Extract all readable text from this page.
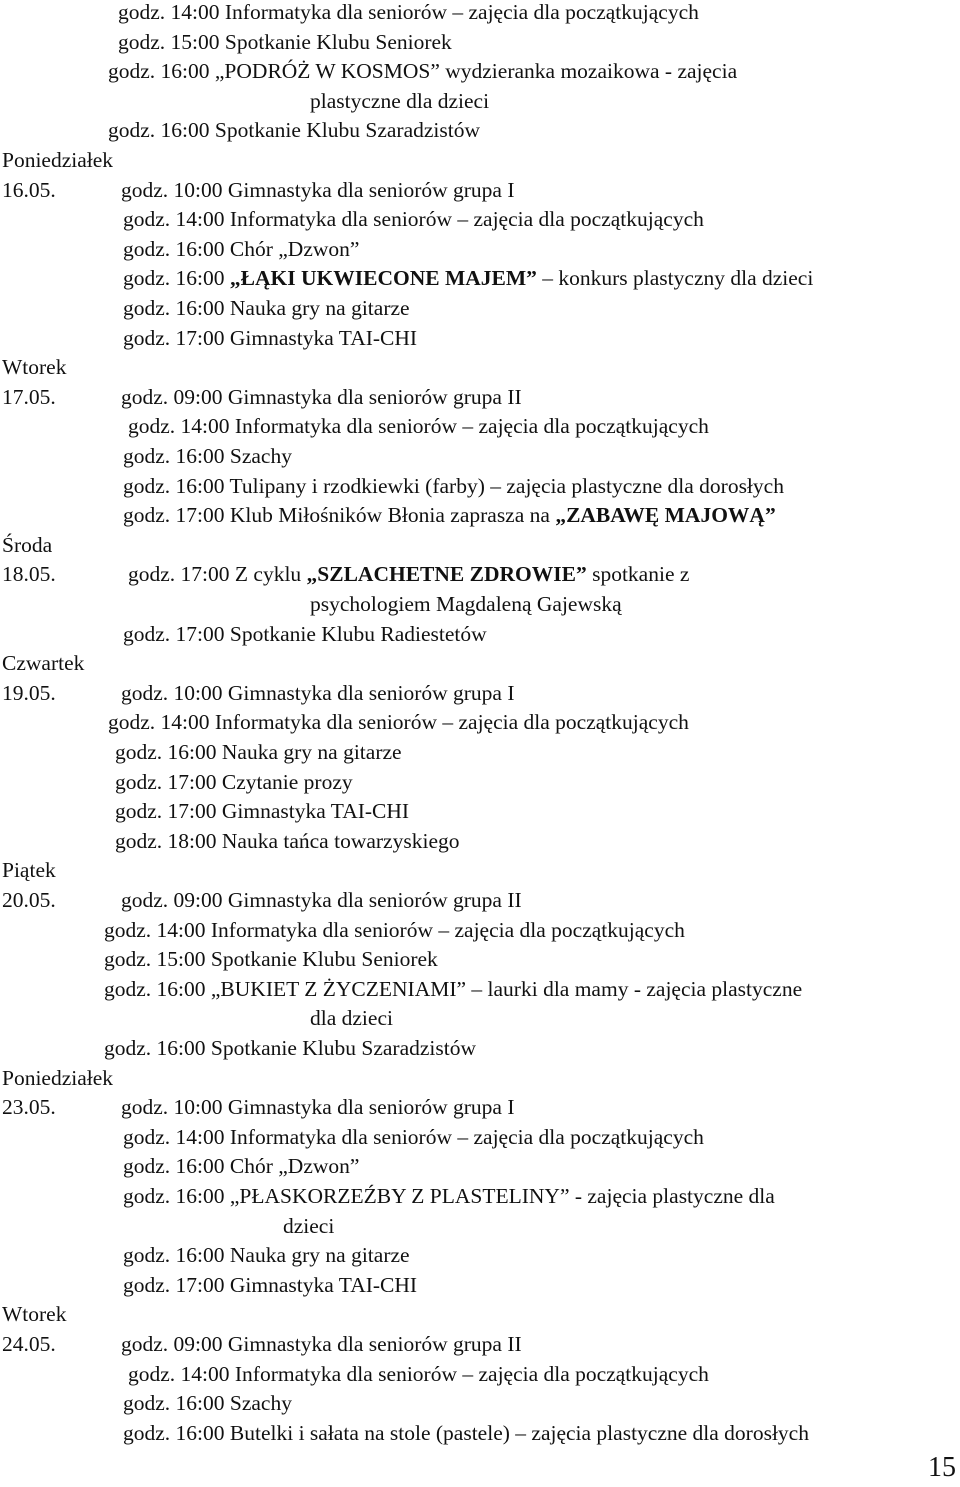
15
godz. 14:00 Informatyka dla seniorów – zajęcia dla początkujących
godz. 15:00 Spotkanie Klubu Seniorek
godz. 16:00 „PODRÓŻ W KOSMOS” wydzieranka mozaikowa - zajęcia
plastyczne dla dzieci
godz. 16:00 Spotkanie Klubu Szaradzistów
Poniedziałek
16.05.	godz. 10:00 Gimnastyka dla seniorów grupa I
godz. 14:00 Informatyka dla seniorów – zajęcia dla początkujących
godz. 16:00 Chór „Dzwon”
godz. 16:00 „ŁĄKI UKWIECONE MAJEM” – konkurs plastyczny dla dzieci
godz. 16:00 Nauka gry na gitarze
godz. 17:00 Gimnastyka TAI-CHI
Wtorek
17.05.	godz. 09:00 Gimnastyka dla seniorów grupa II
godz. 14:00 Informatyka dla seniorów – zajęcia dla początkujących
godz. 16:00 Szachy
godz. 16:00 Tulipany i rzodkiewki (farby) – zajęcia plastyczne dla dorosłych
godz. 17:00 Klub Miłośników Błonia zaprasza na „ZABAWĘ MAJOWĄ”
Środa
18.05.	godz. 17:00 Z cyklu „SZLACHETNE ZDROWIE” spotkanie z
psychologiem Magdaleną Gajewską
godz. 17:00 Spotkanie Klubu Radiestetów
Czwartek
19.05.	godz. 10:00 Gimnastyka dla seniorów grupa I
godz. 14:00 Informatyka dla seniorów – zajęcia dla początkujących
godz. 16:00 Nauka gry na gitarze
godz. 17:00 Czytanie prozy
godz. 17:00 Gimnastyka TAI-CHI
godz. 18:00 Nauka tańca towarzyskiego
Piątek
20.05.	godz. 09:00 Gimnastyka dla seniorów grupa II
godz. 14:00 Informatyka dla seniorów – zajęcia dla początkujących
godz. 15:00 Spotkanie Klubu Seniorek
godz. 16:00 „BUKIET Z ŻYCZENIAMI” – laurki dla mamy - zajęcia plastyczne
dla dzieci
godz. 16:00 Spotkanie Klubu Szaradzistów
Poniedziałek
23.05.	godz. 10:00 Gimnastyka dla seniorów grupa I
godz. 14:00 Informatyka dla seniorów – zajęcia dla początkujących
godz. 16:00 Chór „Dzwon”
godz. 16:00 „PŁASKORZEŹBY Z PLASTELINY” - zajęcia plastyczne dla
dzieci
godz. 16:00 Nauka gry na gitarze
godz. 17:00 Gimnastyka TAI-CHI
Wtorek
24.05.	godz. 09:00 Gimnastyka dla seniorów grupa II
godz. 14:00 Informatyka dla seniorów – zajęcia dla początkujących
godz. 16:00 Szachy
godz. 16:00 Butelki i sałata na stole (pastele) – zajęcia plastyczne dla dorosłych
